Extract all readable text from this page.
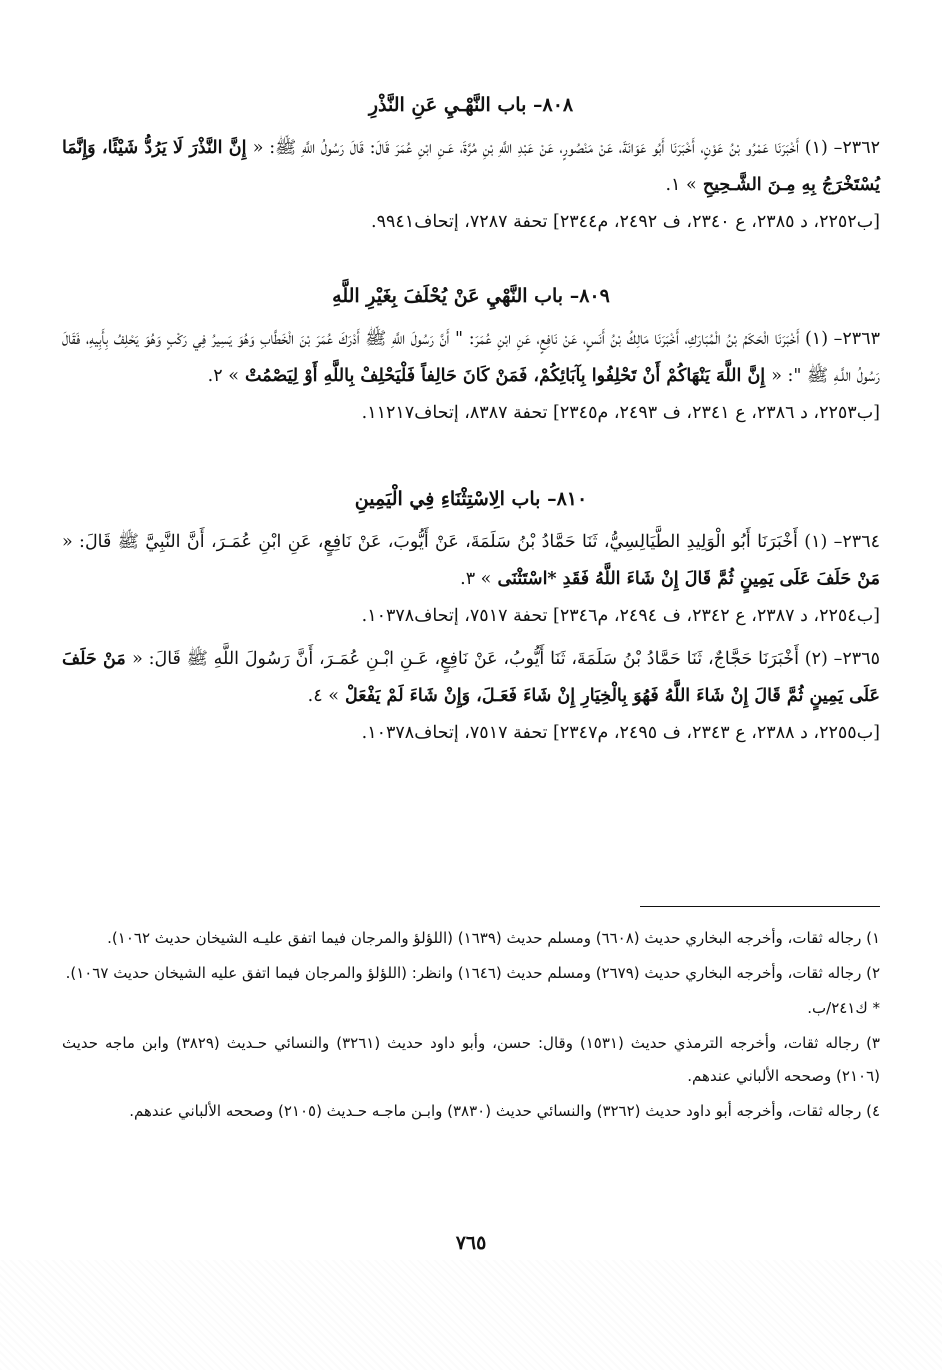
٨٠٨– باب النَّهْـيِ عَنِ النَّذْرِ

٢٣٦٢– (١) أَخْبَرَنَا عَمْرُو بْنُ عَوْنٍ، أَخْبَرَنَا أَبُو عَوَانَةَ، عَنْ مَنْصُورٍ، عَنْ عَبْدِ اللَّهِ بْنِ مُرَّةَ، عَـنِ ابْنِ عُمَرَ قَالَ: قَالَ رَسُولُ اللَّهِ ﷺ: « إِنَّ النَّذْرَ لَا يَرُدُّ شَيْئًا، وَإِنَّمَا يُسْتَخْرَجُ بِهِ مِـنَ الشَّـحِيحِ » ١.

[ب٢٢٥٢، د ٢٣٨٥، ع ٢٣٤٠، ف ٢٤٩٢، م٢٣٤٤] تحفة ٧٢٨٧، إتحاف٩٩٤١.

٨٠٩– باب النَّهْيِ عَنْ يُحْلَفَ بِغَيْرِ اللَّهِ

٢٣٦٣– (١) أَخْبَرَنَا الْحَكَمُ بْنُ الْمُبَارَكِ، أَخْبَرَنَا مَالِكُ بْنُ أَنَسٍ، عَنْ نَافِعٍ، عَنِ ابْنِ عُمَرَ: " أَنَّ رَسُولَ اللَّهِ ﷺ أَدْرَكَ عُمَرَ بْنَ الْخَطَّابِ وَهُوَ يَسِيرُ فِي رَكْبٍ وَهُوَ يَحْلِفُ بِأَبِيهِ، فَقَالَ رَسُولُ اللَّـهِ ﷺ ": « إِنَّ اللَّهَ يَنْهَاكُمْ أَنْ تَحْلِفُوا بِآبَائِكُمْ، فَمَنْ كَانَ حَالِفاً فَلْيَحْلِفْ بِاللَّهِ أَوْ لِيَصْمُتْ » ٢.

[ب٢٢٥٣، د ٢٣٨٦، ع ٢٣٤١، ف ٢٤٩٣، م٢٣٤٥] تحفة ٨٣٨٧، إتحاف١١٢١٧.

٨١٠– باب الِاسْتِثْنَاءِ فِي الْيَمِينِ

٢٣٦٤– (١) أَخْبَرَنَا أَبُو الْوَلِيدِ الطَّيَالِسِيُّ، ثَنَا حَمَّادُ بْنُ سَلَمَةَ، عَنْ أَيُّوبَ، عَنْ نَافِعٍ، عَنِ ابْنِ عُمَـرَ، أَنَّ النَّبِيَّ ﷺ قَالَ: « مَنْ حَلَفَ عَلَى يَمِينٍ ثُمَّ قَالَ إِنْ شَاءَ اللَّهُ فَقَدِ *اسْتَثْنَى » ٣.

[ب٢٢٥٤، د ٢٣٨٧، ع ٢٣٤٢، ف ٢٤٩٤، م٢٣٤٦] تحفة ٧٥١٧، إتحاف١٠٣٧٨.

٢٣٦٥– (٢) أَخْبَرَنَا حَجَّاجٌ، ثَنَا حَمَّادُ بْنُ سَلَمَةَ، ثَنَا أَيُّوبُ، عَنْ نَافِعٍ، عَـنِ ابْـنِ عُمَـرَ، أَنَّ رَسُولَ اللَّهِ ﷺ قَالَ: « مَنْ حَلَفَ عَلَى يَمِينٍ ثُمَّ قَالَ إِنْ شَاءَ اللَّهُ فَهُوَ بِالْخِيَارِ إِنْ شَاءَ فَعَـلَ، وَإِنْ شَاءَ لَمْ يَفْعَلْ » ٤.

[ب٢٢٥٥، د ٢٣٨٨، ع ٢٣٤٣، ف ٢٤٩٥، م٢٣٤٧] تحفة ٧٥١٧، إتحاف١٠٣٧٨.

١) رجاله ثقات، وأخرجه البخاري حديث (٦٦٠٨) ومسلم حديث (١٦٣٩) (اللؤلؤ والمرجان فيما اتفق عليـه الشيخان حديث ١٠٦٢).

٢) رجاله ثقات، وأخرجه البخاري حديث (٢٦٧٩) ومسلم حديث (١٦٤٦) وانظر: (اللؤلؤ والمرجان فيما اتفق عليه الشيخان حديث ١٠٦٧).

* ك٢٤١/ب.

٣) رجاله ثقات، وأخرجه الترمذي حديث (١٥٣١) وقال: حسن، وأبو داود حديث (٣٢٦١) والنسائي حـديث (٣٨٢٩) وابن ماجه حديث (٢١٠٦) وصححه الألباني عندهم.

٤) رجاله ثقات، وأخرجه أبو داود حديث (٣٢٦٢) والنسائي حديث (٣٨٣٠) وابـن ماجـه حـديث (٢١٠٥) وصححه الألباني عندهم.

٧٦٥
